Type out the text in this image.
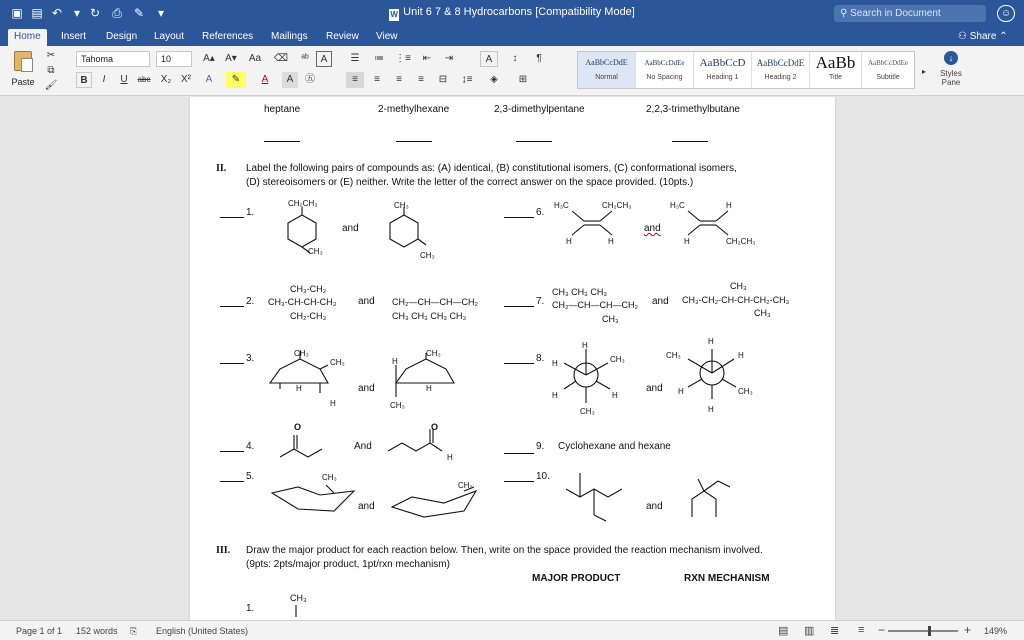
▣ ▤ ↶ ▾ ↻ ⎙ ✎	▾	W Unit 6 7 & 8 Hydrocarbons [Compatibility Mode]	⚲ Search in Document	☺
Home	Insert	Design	Layout	References	Mailings	Review	View	⚇ Share ⌃
Paste
✂
⧉
🖌
Tahoma	10	A▴	A▾	Aa	⌫	ᵃᵇ	A
B	I	U	abc	X₂ X²	A	✎	A	A	㊄
☰	≔	⋮≡	⇤	⇥	A	↕	¶
≡	≡	≡	≡	⊟	↨≡	◈	⊞
AaBbCcDdE
Normal
AaBbCcDdEe
No Spacing
AaBbCcD
Heading 1
AaBbCcDdE
Heading 2
AaBb
Title
AaBbCcDdEe
Subtitle
▸
↓
Styles Pane
heptane	2-methylhexane	2,3-dimethylpentane	2,2,3-trimethylbutane
II. Label the following pairs of compounds as: (A) identical, (B) constitutional isomers, (C) conformational isomers,
(D) stereoisomers or (E) neither. Write the letter of the correct answer on the space provided. (10pts.)
1.
2.
3.
4.
5.
6.
7.
8.
9.
10.
and
and
and
And
and
and
and
and
and
Cyclohexane and hexane
CH₂CH₃
CH₃
CH₃
CH₃
CH₃-CH₂
CH₃-CH-CH-CH₃
CH₂-CH₃
CH₂—CH—CH—CH₂
CH₃ CH₃ CH₃ CH₃
CH₃
CH₃
H
H
H
CH₃
H
CH₃
O	O
H
CH₃
CH₃
H₃C	CH₂CH₃
H	H
H₃C	H
H	CH₂CH₃
CH₃ CH₃ CH₃
CH₂—CH—CH—CH₂
CH₃
CH₃
CH₃-CH₂-CH-CH-CH₂-CH₃
CH₃
H
H	CH₃
H	H
CH₃
H
CH₃	H
H	CH₃
H
III. Draw the major product for each reaction below. Then, write on the space provided the reaction mechanism involved.
(9pts: 2pts/major product, 1pt/rxn mechanism)
MAJOR PRODUCT	RXN MECHANISM
1.
CH₃
Page 1 of 1 152 words ⎘ English (United States)	▤ ▥ ≣ ≡ −	+ 149%
